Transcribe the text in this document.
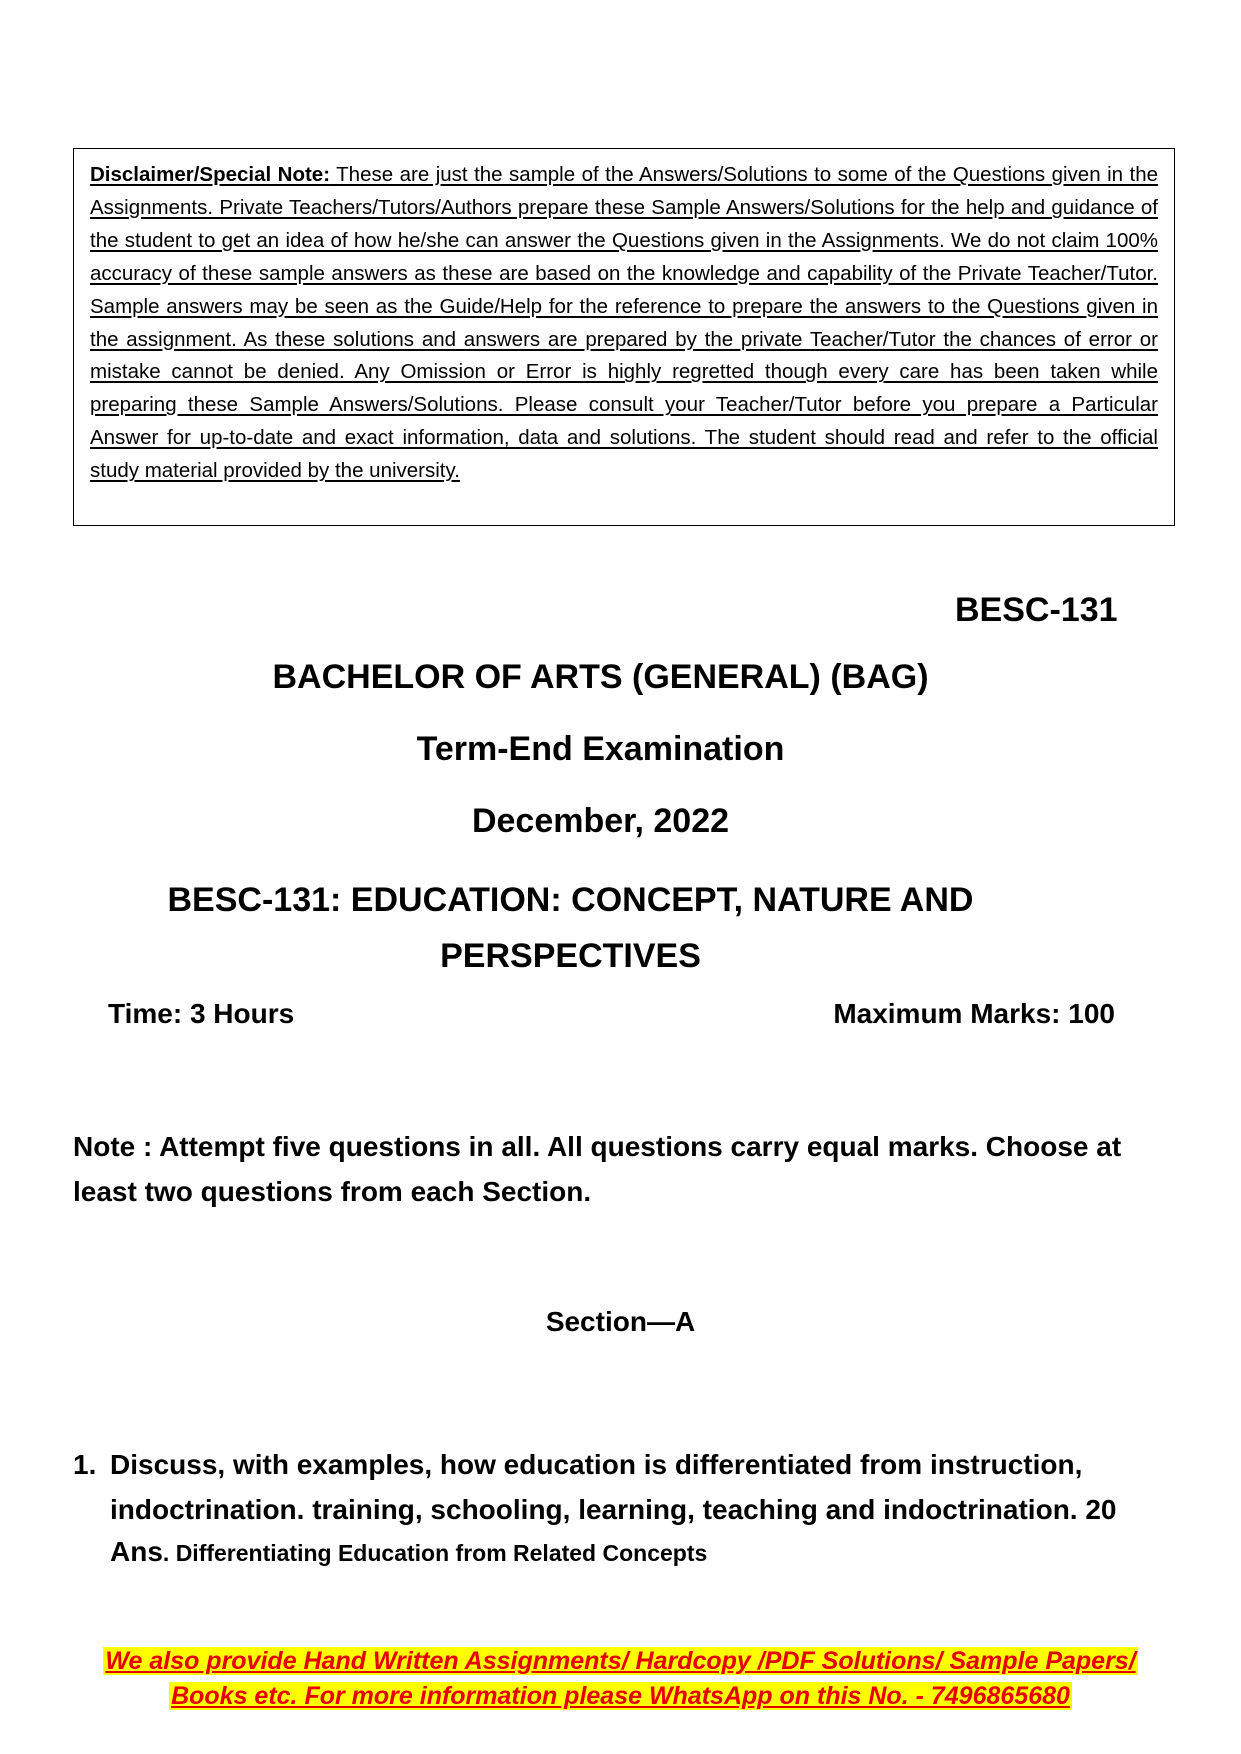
Disclaimer/Special Note: These are just the sample of the Answers/Solutions to some of the Questions given in the Assignments. Private Teachers/Tutors/Authors prepare these Sample Answers/Solutions for the help and guidance of the student to get an idea of how he/she can answer the Questions given in the Assignments. We do not claim 100% accuracy of these sample answers as these are based on the knowledge and capability of the Private Teacher/Tutor. Sample answers may be seen as the Guide/Help for the reference to prepare the answers to the Questions given in the assignment. As these solutions and answers are prepared by the private Teacher/Tutor the chances of error or mistake cannot be denied. Any Omission or Error is highly regretted though every care has been taken while preparing these Sample Answers/Solutions. Please consult your Teacher/Tutor before you prepare a Particular Answer for up-to-date and exact information, data and solutions. The student should read and refer to the official study material provided by the university.
BESC-131
BACHELOR OF ARTS (GENERAL) (BAG)
Term-End Examination
December, 2022
BESC-131: EDUCATION: CONCEPT, NATURE AND
PERSPECTIVES
Time: 3 Hours	Maximum Marks: 100
Note : Attempt five questions in all. All questions carry equal marks. Choose at least two questions from each Section.
Section—A
1. Discuss, with examples, how education is differentiated from instruction, indoctrination. training, schooling, learning, teaching and indoctrination. 20
Ans. Differentiating Education from Related Concepts
We also provide Hand Written Assignments/ Hardcopy /PDF Solutions/ Sample Papers/
Books etc. For more information please WhatsApp on this No. - 7496865680
